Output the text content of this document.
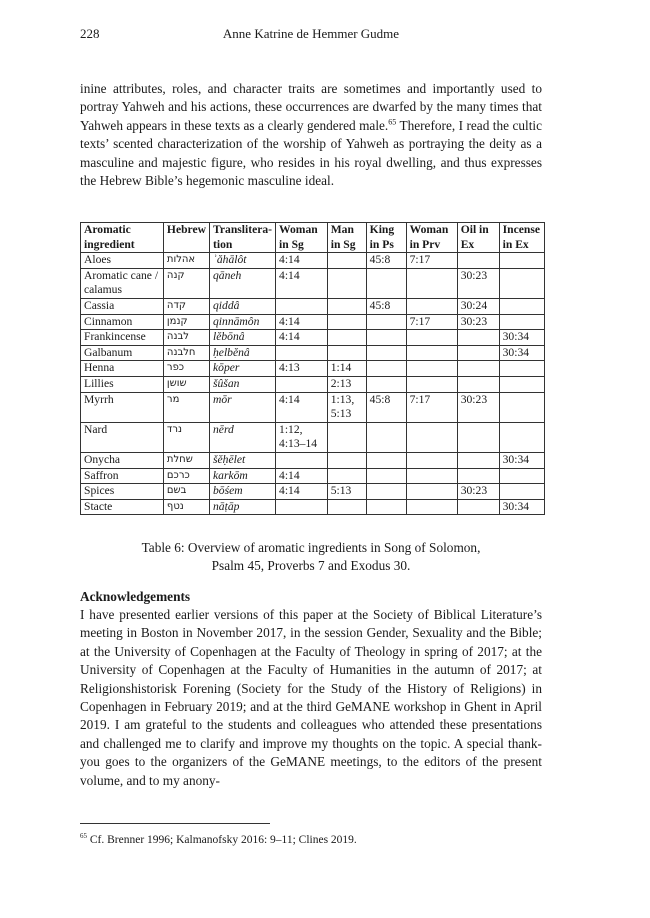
228	Anne Katrine de Hemmer Gudme

inine attributes, roles, and character traits are sometimes and importantly used to portray Yahweh and his actions, these occurrences are dwarfed by the many times that Yahweh appears in these texts as a clearly gendered male.$^{65}$ Therefore, I read the cultic texts’ scented characterization of the worship of Yahweh as portraying the deity as a masculine and majestic figure, who resides in his royal dwelling, and thus expresses the Hebrew Bible’s hegemonic masculine ideal.

Aromatic ingredient	Hebrew	Translitera-tion	Woman in Sg	Man in Sg	King in Ps	Woman in Prv	Oil in Ex	Incense in Ex
Aloes	אהלות	ʾăhālôt	4:14		45:8	7:17		
Aromatic cane / calamus	קנה	qāneh	4:14				30:23	
Cassia	קדה	qiddâ			45:8		30:24	
Cinnamon	קנמן	qinnāmôn	4:14			7:17	30:23	
Frankincense	לבנה	lĕbōnâ	4:14					30:34
Galbanum	חלבנה	ḥelbĕnâ						30:34
Henna	כפר	kōper	4:13	1:14				
Lillies	שושן	šûšan		2:13				
Myrrh	מר	mōr	4:14	1:13, 5:13	45:8	7:17	30:23	
Nard	נרד	nērd	1:12, 4:13–14					
Onycha	שחלת	šĕḥēlet						30:34
Saffron	כרכם	karkōm	4:14					
Spices	בשם	bōśem	4:14	5:13			30:23	
Stacte	נטף	nāṭāp						30:34
Table 6: Overview of aromatic ingredients in Song of Solomon,
Psalm 45, Proverbs 7 and Exodus 30.
Acknowledgements

I have presented earlier versions of this paper at the Society of Biblical Literature’s meeting in Boston in November 2017, in the session Gender, Sexuality and the Bible; at the University of Copenhagen at the Faculty of Theology in spring of 2017; at the University of Copenhagen at the Faculty of Humanities in the autumn of 2017; at Religionshistorisk Forening (Society for the Study of the History of Religions) in Copenhagen in February 2019; and at the third GeMANE workshop in Ghent in April 2019. I am grateful to the students and colleagues who attended these presentations and challenged me to clarify and improve my thoughts on the topic. A special thank-you goes to the organizers of the GeMANE meetings, to the editors of the present volume, and to my anony-

$^{65}$ Cf. Brenner 1996; Kalmanofsky 2016: 9–11; Clines 2019.
